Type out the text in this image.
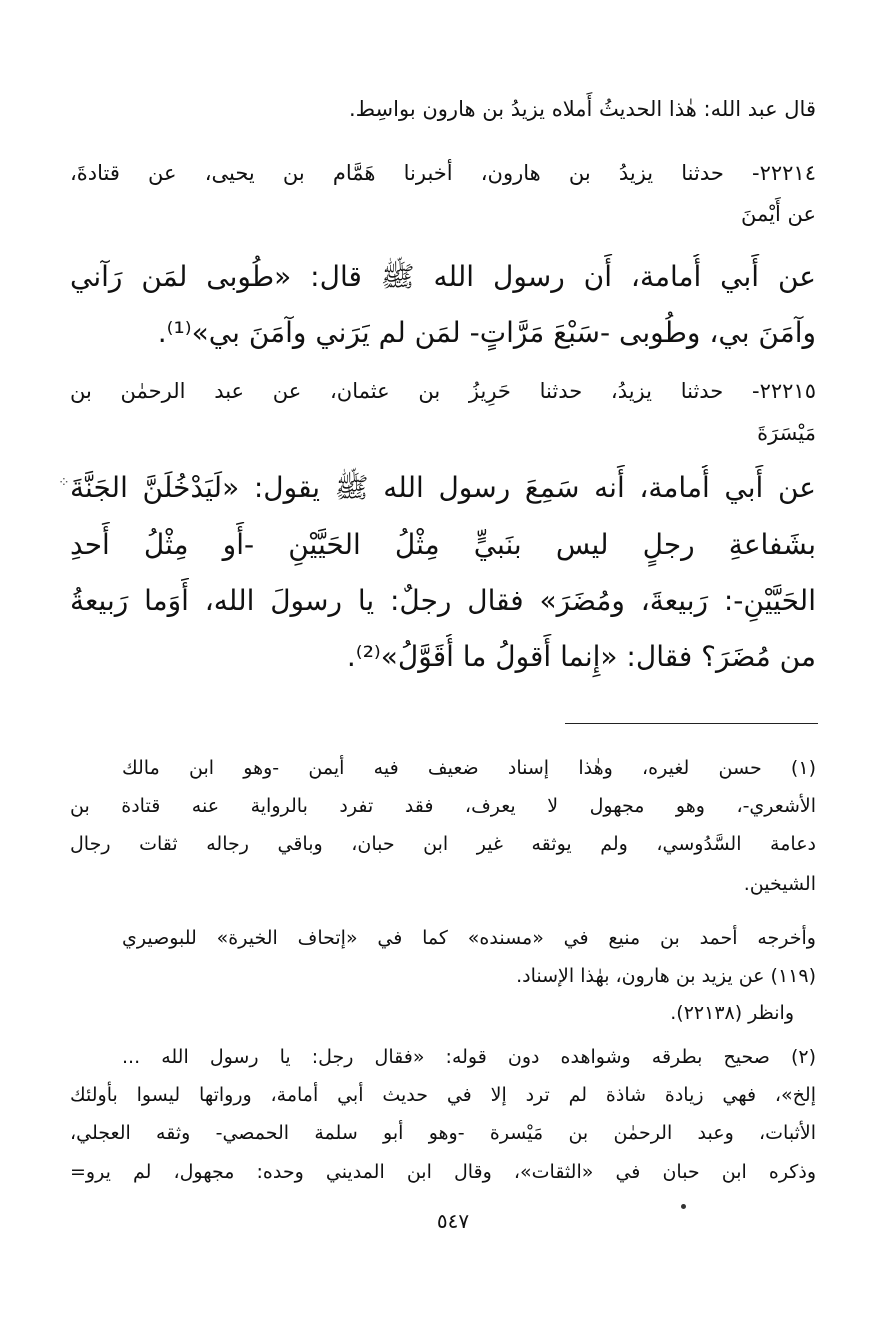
قال عبد الله: هٰذا الحديثُ أَملاه يزيدُ بن هارون بواسِط.
٢٢٢١٤- حدثنا يزيدُ بن هارون، أخبرنا هَمَّام بن يحيى، عن قتادةَ،
عن أَيْمنَ
عن أَبي أُمامة، أَن رسول الله ﷺ قال: «طُوبى لمَن رَآني
وآمَنَ بي، وطُوبى -سَبْعَ مَرَّاتٍ- لمَن لم يَرَني وآمَنَ بي»⁽¹⁾.
٢٢٢١٥- حدثنا يزيدُ، حدثنا حَرِيزُ بن عثمان، عن عبد الرحمٰن بن
مَيْسَرَةَ
عن أَبي أُمامة، أَنه سَمِعَ رسول الله ﷺ يقول: «لَيَدْخُلَنَّ الجَنَّةَ
بشَفاعةِ رجلٍ ليس بنَبيٍّ مِثْلُ الحَيَّيْنِ -أَو مِثْلُ أَحدِ
الحَيَّيْنِ-: رَبيعةَ، ومُضَرَ» فقال رجلٌ: يا رسولَ الله، أَوَما رَبيعةُ
من مُضَرَ؟ فقال: «إِنما أَقولُ ما أُقَوَّلُ»⁽²⁾.
⁘
(١) حسن لغيره، وهٰذا إسناد ضعيف فيه أيمن -وهو ابن مالك
الأشعري-، وهو مجهول لا يعرف، فقد تفرد بالرواية عنه قتادة بن
دعامة السَّدُوسي، ولم يوثقه غير ابن حبان، وباقي رجاله ثقات رجال
الشيخين.
وأخرجه أحمد بن منيع في «مسنده» كما في «إتحاف الخيرة» للبوصيري
(١١٩) عن يزيد بن هارون، بهٰذا الإسناد.
وانظر (٢٢١٣٨).
(٢) صحيح بطرقه وشواهده دون قوله: «فقال رجل: يا رسول الله ...
إلخ»، فهي زيادة شاذة لم ترد إلا في حديث أبي أمامة، ورواتها ليسوا بأولئك
الأثبات، وعبد الرحمٰن بن مَيْسرة -وهو أبو سلمة الحمصي- وثقه العجلي،
وذكره ابن حبان في «الثقات»، وقال ابن المديني وحده: مجهول، لم يرو=
٥٤٧
